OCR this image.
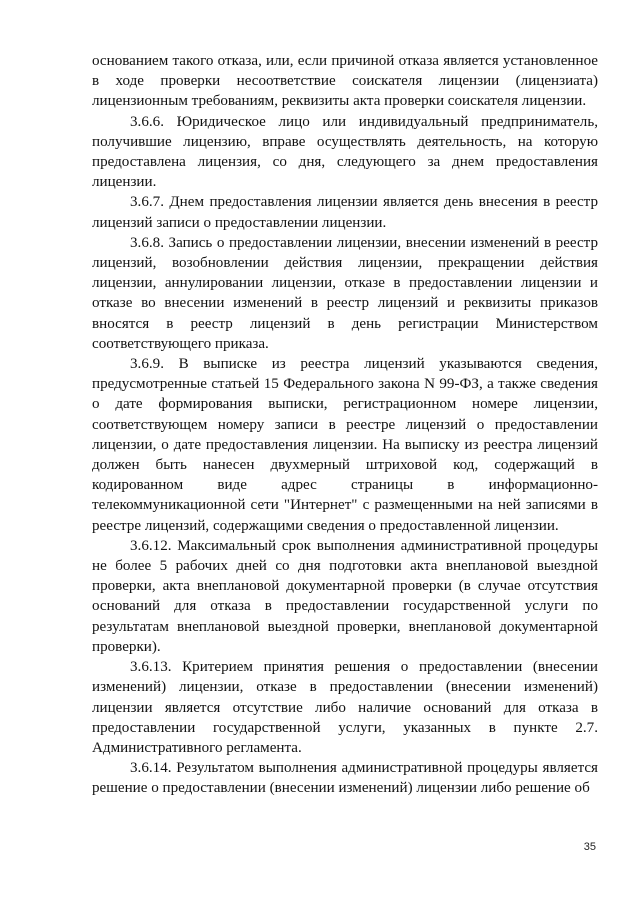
основанием такого отказа, или, если причиной отказа является установленное в ходе проверки несоответствие соискателя лицензии (лицензиата) лицензионным требованиям, реквизиты акта проверки соискателя лицензии.

3.6.6. Юридическое лицо или индивидуальный предприниматель, получившие лицензию, вправе осуществлять деятельность, на которую предоставлена лицензия, со дня, следующего за днем предоставления лицензии.

3.6.7. Днем предоставления лицензии является день внесения в реестр лицензий записи о предоставлении лицензии.

3.6.8. Запись о предоставлении лицензии, внесении изменений в реестр лицензий, возобновлении действия лицензии, прекращении действия лицензии, аннулировании лицензии, отказе в предоставлении лицензии и отказе во внесении изменений в реестр лицензий и реквизиты приказов вносятся в реестр лицензий в день регистрации Министерством соответствующего приказа.

3.6.9. В выписке из реестра лицензий указываются сведения, предусмотренные статьей 15 Федерального закона N 99-ФЗ, а также сведения о дате формирования выписки, регистрационном номере лицензии, соответствующем номеру записи в реестре лицензий о предоставлении лицензии, о дате предоставления лицензии. На выписку из реестра лицензий должен быть нанесен двухмерный штриховой код, содержащий в кодированном виде адрес страницы в информационно-телекоммуникационной сети "Интернет" с размещенными на ней записями в реестре лицензий, содержащими сведения о предоставленной лицензии.

3.6.12. Максимальный срок выполнения административной процедуры не более 5 рабочих дней со дня подготовки акта внеплановой выездной проверки, акта внеплановой документарной проверки (в случае отсутствия оснований для отказа в предоставлении государственной услуги по результатам внеплановой выездной проверки, внеплановой документарной проверки).

3.6.13. Критерием принятия решения о предоставлении (внесении изменений) лицензии, отказе в предоставлении (внесении изменений) лицензии является отсутствие либо наличие оснований для отказа в предоставлении государственной услуги, указанных в пункте 2.7. Административного регламента.

3.6.14. Результатом выполнения административной процедуры является решение о предоставлении (внесении изменений) лицензии либо решение об

35
